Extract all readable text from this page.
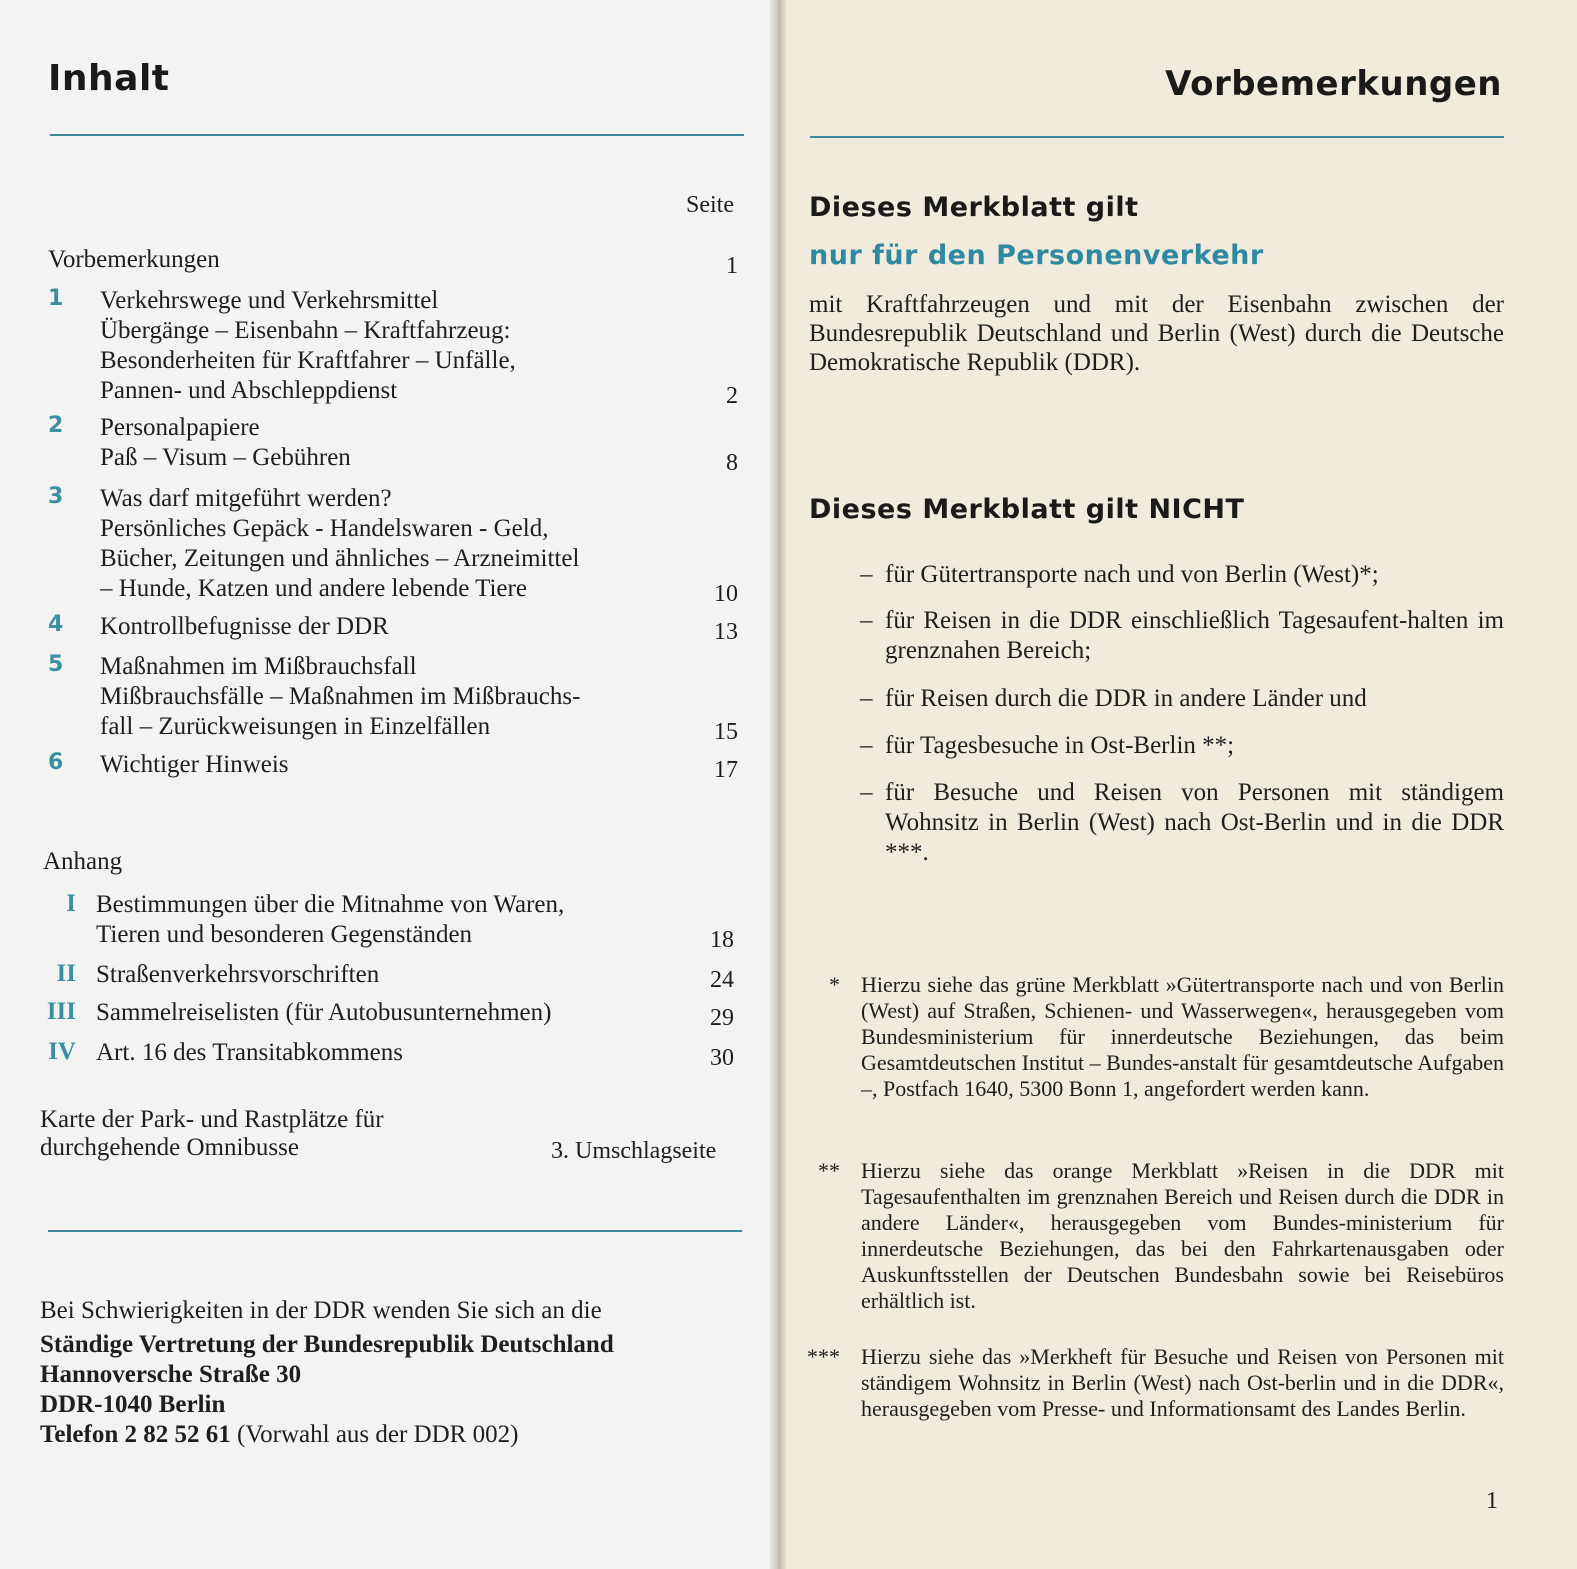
Inhalt
Seite
Vorbemerkungen	1
1 Verkehrswege und Verkehrsmittel
Übergänge – Eisenbahn – Kraftfahrzeug:
Besonderheiten für Kraftfahrer – Unfälle,
Pannen- und Abschleppdienst	2
2 Personalpapiere
Paß – Visum – Gebühren	8
3 Was darf mitgeführt werden?
Persönliches Gepäck - Handelswaren - Geld,
Bücher, Zeitungen und ähnliches – Arzneimittel
– Hunde, Katzen und andere lebende Tiere	10
4 Kontrollbefugnisse der DDR	13
5 Maßnahmen im Mißbrauchsfall
Mißbrauchsfälle – Maßnahmen im Mißbrauchs-
fall – Zurückweisungen in Einzelfällen	15
6 Wichtiger Hinweis	17
Anhang
I Bestimmungen über die Mitnahme von Waren,
Tieren und besonderen Gegenständen	18
II Straßenverkehrsvorschriften	24
III Sammelreiselisten (für Autobusunternehmen)	29
IV Art. 16 des Transitabkommens	30
Karte der Park- und Rastplätze für
durchgehende Omnibusse	3. Umschlagseite
Bei Schwierigkeiten in der DDR wenden Sie sich an die
Ständige Vertretung der Bundesrepublik Deutschland
Hannoversche Straße 30
DDR-1040 Berlin
Telefon 2 82 52 61 (Vorwahl aus der DDR 002)
Vorbemerkungen
Dieses Merkblatt gilt
nur für den Personenverkehr

mit Kraftfahrzeugen und mit der Eisenbahn zwischen der Bundesrepublik Deutschland und Berlin (West) durch die Deutsche Demokratische Republik (DDR).

Dieses Merkblatt gilt NICHT
– für Gütertransporte nach und von Berlin (West)*;
– für Reisen in die DDR einschließlich Tagesaufent-halten im grenznahen Bereich;
– für Reisen durch die DDR in andere Länder und
– für Tagesbesuche in Ost-Berlin **;
– für Besuche und Reisen von Personen mit ständigem Wohnsitz in Berlin (West) nach Ost-Berlin und in die DDR ***.
* Hierzu siehe das grüne Merkblatt »Gütertransporte nach und von Berlin (West) auf Straßen, Schienen- und Wasserwegen«, herausgegeben vom Bundesministerium für innerdeutsche Beziehungen, das beim Gesamtdeutschen Institut – Bundes-anstalt für gesamtdeutsche Aufgaben –, Postfach 1640, 5300 Bonn 1, angefordert werden kann.
** Hierzu siehe das orange Merkblatt »Reisen in die DDR mit Tagesaufenthalten im grenznahen Bereich und Reisen durch die DDR in andere Länder«, herausgegeben vom Bundes-ministerium für innerdeutsche Beziehungen, das bei den Fahrkartenausgaben oder Auskunftsstellen der Deutschen Bundesbahn sowie bei Reisebüros erhältlich ist.
*** Hierzu siehe das »Merkheft für Besuche und Reisen von Personen mit ständigem Wohnsitz in Berlin (West) nach Ost-berlin und in die DDR«, herausgegeben vom Presse- und Informationsamt des Landes Berlin.
1
